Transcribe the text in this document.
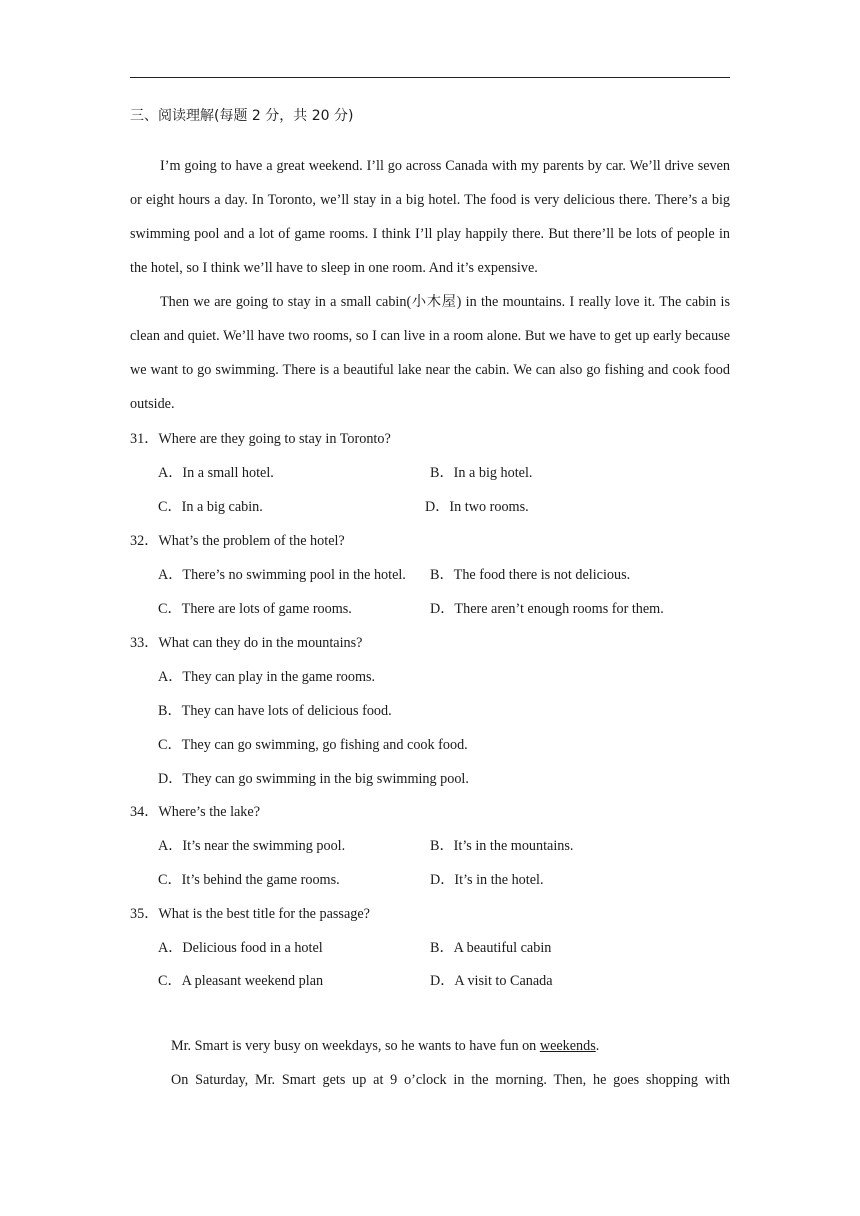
三、阅读理解(每题 2 分，共 20 分)

I’m going to have a great weekend. I’ll go across Canada with my parents by car. We’ll drive seven or eight hours a day. In Toronto, we’ll stay in a big hotel. The food is very delicious there. There’s a big swimming pool and a lot of game rooms. I think I’ll play happily there. But there’ll be lots of people in the hotel, so I think we’ll have to sleep in one room. And it’s expensive.

Then we are going to stay in a small cabin(小木屋) in the mountains. I really love it. The cabin is clean and quiet. We’ll have two rooms, so I can live in a room alone. But we have to get up early because we want to go swimming. There is a beautiful lake near the cabin. We can also go fishing and cook food outside.

31．Where are they going to stay in Toronto?
A．In a small hotel.	B．In a big hotel.
C．In a big cabin.	D．In two rooms.
32．What’s the problem of the hotel?
A．There’s no swimming pool in the hotel. B．The food there is not delicious.
C．There are lots of game rooms.	D．There aren’t enough rooms for them.
33．What can they do in the mountains?
A．They can play in the game rooms.
B．They can have lots of delicious food.
C．They can go swimming, go fishing and cook food.
D．They can go swimming in the big swimming pool.
34．Where’s the lake?
A．It’s near the swimming pool.	B．It’s in the mountains.
C．It’s behind the game rooms.	D．It’s in the hotel.
35．What is the best title for the passage?
A．Delicious food in a hotel	B．A beautiful cabin
C．A pleasant weekend plan	D．A visit to Canada

Mr. Smart is very busy on weekdays, so he wants to have fun on weekends.

On Saturday, Mr. Smart gets up at 9 o’clock in the morning. Then, he goes shopping with
